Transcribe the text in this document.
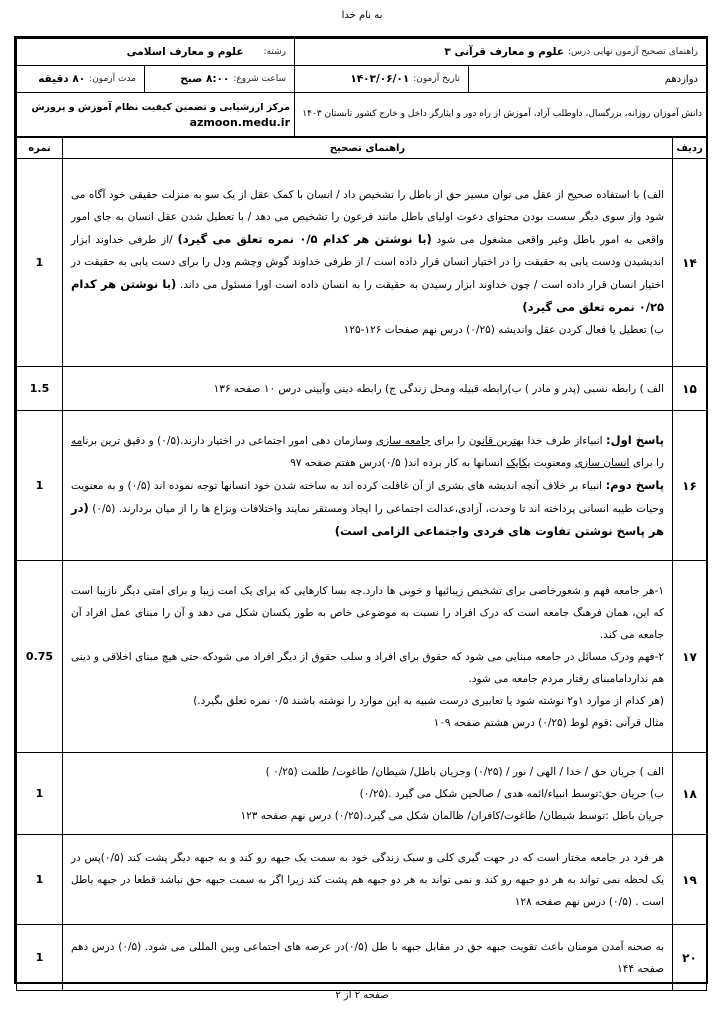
به نام خدا
راهنمای تصحیح آزمون نهایی درس:
علوم و معارف قرآنی ۳		رشته:
علوم و معارف اسلامی	

دوازدهم	تاریخ آزمون:
۱۴۰۳/۰۶/۰۱	ساعت شروع:
۸:۰۰ صبح	مدت آزمون:
۸۰ دقیقه

دانش آموزان روزانه، بزرگسال، داوطلب آزاد، آموزش از راه دور و ایثارگر داخل و خارج کشور تابستان ۱۴۰۳		مرکز ارزشیابی و تضمین کیفیت نظام آموزش و پرورش
azmoon.medu.ir	
ردیف	راهنمای تصحیح	نمره
۱۴	الف) با استفاده صحیح از عقل می توان مسیر حق از باطل را تشخیص داد / انسان با کمک عقل از یک سو به منزلت حقیقی خود آگاه می شود واز سوی دیگر سست بودن محتوای دعوت اولیای باطل مانند فرعون را تشخیص می دهد / با تعطیل شدن عقل انسان به جای امور واقعی به امور باطل وغیر واقعی مشغول می شود (با نوشتن هر کدام ۰/۵ نمره تعلق می گیرد) /از طرفی خداوند ابزار اندیشیدن ودست یابی به حقیقت را در اختیار انسان قرار داده است / از طرفی خداوند گوش وچشم ودل را برای دست یابی به حقیقت در اختیار انسان قرار داده است / چون خداوند ابزار رسیدن به حقیقت را به انسان داده است اورا مسئول می داند. (با نوشتن هر کدام ۰/۲۵ نمره تعلق می گیرد)

ب) تعطیل یا فعال کردن عقل واندیشه (۰/۲۵) درس نهم صفحات ۱۲۶-۱۲۵	1
۱۵	الف ) رابطه نسبی (پدر و مادر ) ب)رابطه قبیله ومحل زندگی ج) رابطه دینی وآیینی درس ۱۰ صفحه ۱۳۶	1.5
۱۶	پاسخ اول: انبیاءاز طرف خدا بهترین قانون را برای جامعه سازی وسازمان دهی امور اجتماعی در اختیار دارند.(۰/۵) و دقیق ترین برنامه را برای انسان سازی ومعنویت یکایک انسانها به کار برده اند( ۰/۵)درس هفتم صفحه ۹۷

پاسخ دوم: انبیاء بر خلاف آنچه اندیشه های بشری از آن غافلت کرده اند به ساخته شدن خود انسانها توجه نموده اند (۰/۵) و به معنویت وحیات طیبه انسانی پرداخته اند تا وحدت، آزادی،عدالت اجتماعی را ایجاد ومستقر نمایند واختلافات ونزاع ها را از میان بردارند. (۰/۵) (در هر پاسخ نوشتن تفاوت های فردی واجتماعی الزامی است)	1
۱۷	۱-هر جامعه فهم و شعورخاصی برای تشخیص زیبائیها و خوبی ها دارد.چه بسا کارهایی که برای یک امت زیبا و برای امتی دیگر نازیبا است که این، همان فرهنگ جامعه است که درک افراد را نسبت به موضوعی خاص به طور یکسان شکل می دهد و آن را مبنای عمل افراد آن جامعه می کند.

۲-فهم ودرک مسائل در جامعه مبنایی می شود که حقوق برای افراد و سلب حقوق از دیگر افراد می شودکه حتی هیچ مبنای اخلاقی و دینی هم نداردامامبنای رفتار مردم جامعه می شود.

(هر کدام از موارد ۱و۲ نوشته شود یا تعابیری درست شبیه به این موارد را نوشته باشند ۰/۵ نمره تعلق بگیرد.)

مثال قرآنی :قوم لوط (۰/۲۵) درس هشتم صفحه ۱۰۹	0.75
۱۸	الف ) جریان حق / خدا / الهی / نور / (۰/۲۵) وجریان باطل/ شیطان/ طاغوت/ ظلمت (۰/۲۵ )

ب) جریان حق:توسط انبیاء/ائمه هدی / صالحین شکل می گیرد .(۰/۲۵)

جریان باطل :توسط شیطان/ طاغوت/کافران/ ظالمان شکل می گیرد.(۰/۲۵) درس نهم صفحه ۱۲۳	1
۱۹	هر فرد در جامعه مختار است که در جهت گیری کلی و سبک زندگی خود به سمت یک جبهه رو کند و به جبهه دیگر پشت کند (۰/۵)پس در یک لحظه نمی تواند به هر دو جبهه رو کند و نمی تواند به هر دو جبهه هم پشت کند زیرا اگر به سمت جبهه حق نباشد قطعا در جبهه باطل است . (۰/۵) درس نهم صفحه ۱۲۸	1
۲۰	به صحنه آمدن مومنان باعث تقویت جبهه حق در مقابل جبهه با طل (۰/۵)در عرصه های اجتماعی وبین المللی می شود. (۰/۵) درس دهم صفحه ۱۴۴	1
صفحه ۲ از ۲
